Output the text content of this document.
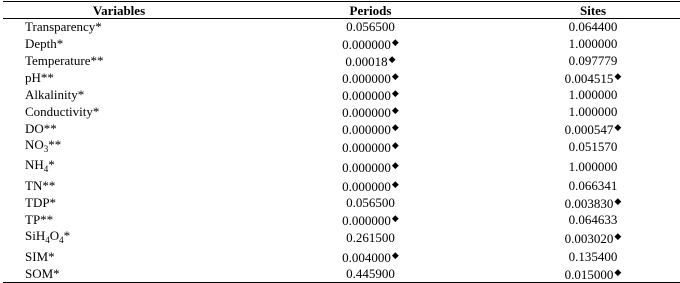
Variables	Periods	Sites
Transparency*	0.056500	0.064400
Depth*	0.000000◆	1.000000
Temperature**	0.00018◆	0.097779
pH**	0.000000◆	0.004515◆
Alkalinity*	0.000000◆	1.000000
Conductivity*	0.000000◆	1.000000
DO**	0.000000◆	0.000547◆
$NO_3**$	0.000000◆	0.051570
$NH_4*$	0.000000◆	1.000000
TN**	0.000000◆	0.066341
TDP*	0.056500	0.003830◆
TP**	0.000000◆	0.064633
$SiH_4O_4*$	0.261500	0.003020◆
SIM*	0.004000◆	0.135400
SOM*	0.445900	0.015000◆
